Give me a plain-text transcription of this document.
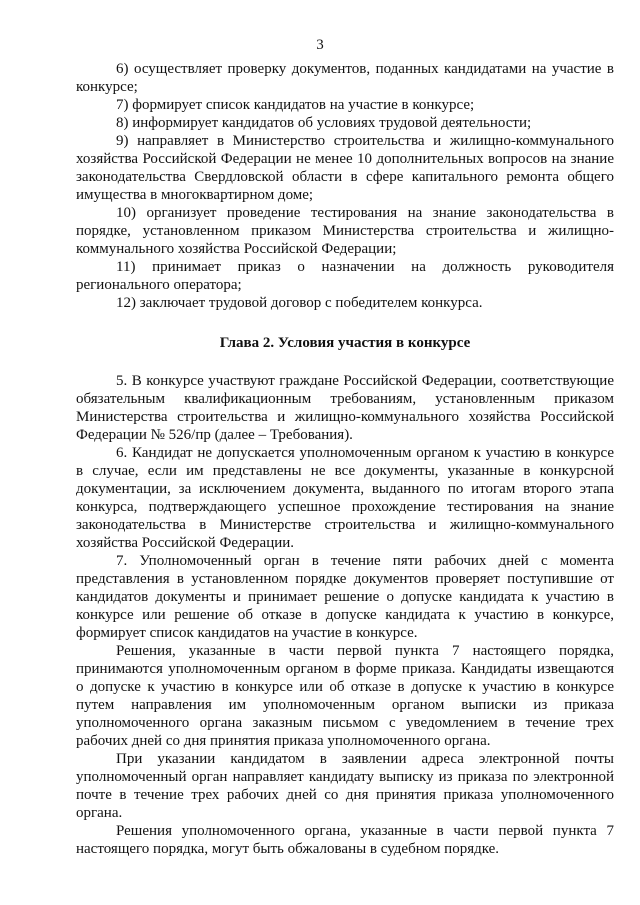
3

6) осуществляет проверку документов, поданных кандидатами на участие в конкурсе;

7) формирует список кандидатов на участие в конкурсе;

8) информирует кандидатов об условиях трудовой деятельности;

9) направляет в Министерство строительства и жилищно-коммунального хозяйства Российской Федерации не менее 10 дополнительных вопросов на знание законодательства Свердловской области в сфере капитального ремонта общего имущества в многоквартирном доме;

10) организует проведение тестирования на знание законодательства в порядке, установленном приказом Министерства строительства и жилищно-коммунального хозяйства Российской Федерации;

11) принимает приказ о назначении на должность руководителя регионального оператора;

12) заключает трудовой договор с победителем конкурса.

Глава 2. Условия участия в конкурсе

5. В конкурсе участвуют граждане Российской Федерации, соответствующие обязательным квалификационным требованиям, установленным приказом Министерства строительства и жилищно-коммунального хозяйства Российской Федерации № 526/пр (далее – Требования).

6. Кандидат не допускается уполномоченным органом к участию в конкурсе в случае, если им представлены не все документы, указанные в конкурсной документации, за исключением документа, выданного по итогам второго этапа конкурса, подтверждающего успешное прохождение тестирования на знание законодательства в Министерстве строительства и жилищно-коммунального хозяйства Российской Федерации.

7. Уполномоченный орган в течение пяти рабочих дней с момента представления в установленном порядке документов проверяет поступившие от кандидатов документы и принимает решение о допуске кандидата к участию в конкурсе или решение об отказе в допуске кандидата к участию в конкурсе, формирует список кандидатов на участие в конкурсе.

Решения, указанные в части первой пункта 7 настоящего порядка, принимаются уполномоченным органом в форме приказа. Кандидаты извещаются о допуске к участию в конкурсе или об отказе в допуске к участию в конкурсе путем направления им уполномоченным органом выписки из приказа уполномоченного органа заказным письмом с уведомлением в течение трех рабочих дней со дня принятия приказа уполномоченного органа.

При указании кандидатом в заявлении адреса электронной почты уполномоченный орган направляет кандидату выписку из приказа по электронной почте в течение трех рабочих дней со дня принятия приказа уполномоченного органа.

Решения уполномоченного органа, указанные в части первой пункта 7 настоящего порядка, могут быть обжалованы в судебном порядке.
